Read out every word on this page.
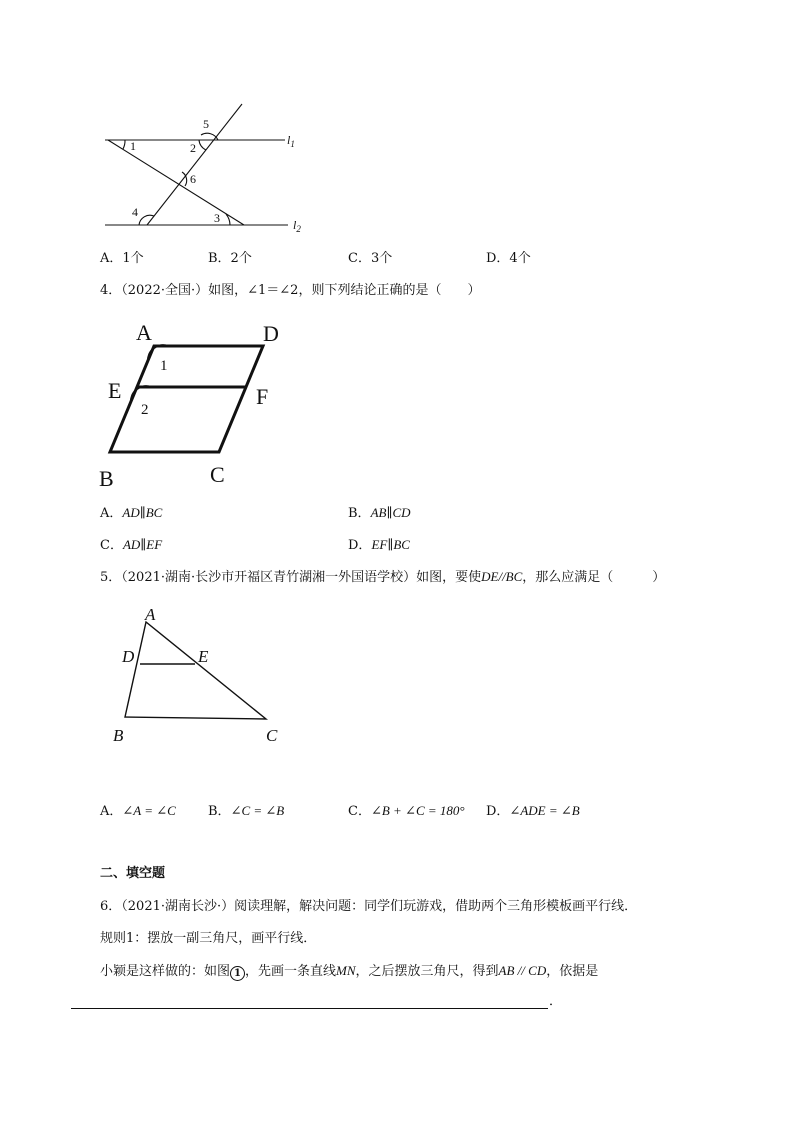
1	2
3
4
5
6
$l_1$
$l_2$
A．1个	B．2个	C．3个	D．4个
4．（2022·全国·）如图，∠1＝∠2，则下列结论正确的是（　　）
A	D
E	F
B	C
1
2
A．AD∥BC	B．AB∥CD
C．AD∥EF	D．EF∥BC
5．（2021·湖南·长沙市开福区青竹湖湘一外国语学校）如图，要使DE//BC，那么应满足（　　　）
A
D	E
B	C
A．∠A = ∠C B．∠C = ∠B	C．∠B + ∠C = 180° D．∠ADE = ∠B
二、填空题
6．（2021·湖南长沙·）阅读理解，解决问题：同学们玩游戏，借助两个三角形模板画平行线．
规则1：摆放一副三角尺，画平行线．
小颖是这样做的：如图 1 ，先画一条直线MN，之后摆放三角尺，得到AB // CD，依据是
．
